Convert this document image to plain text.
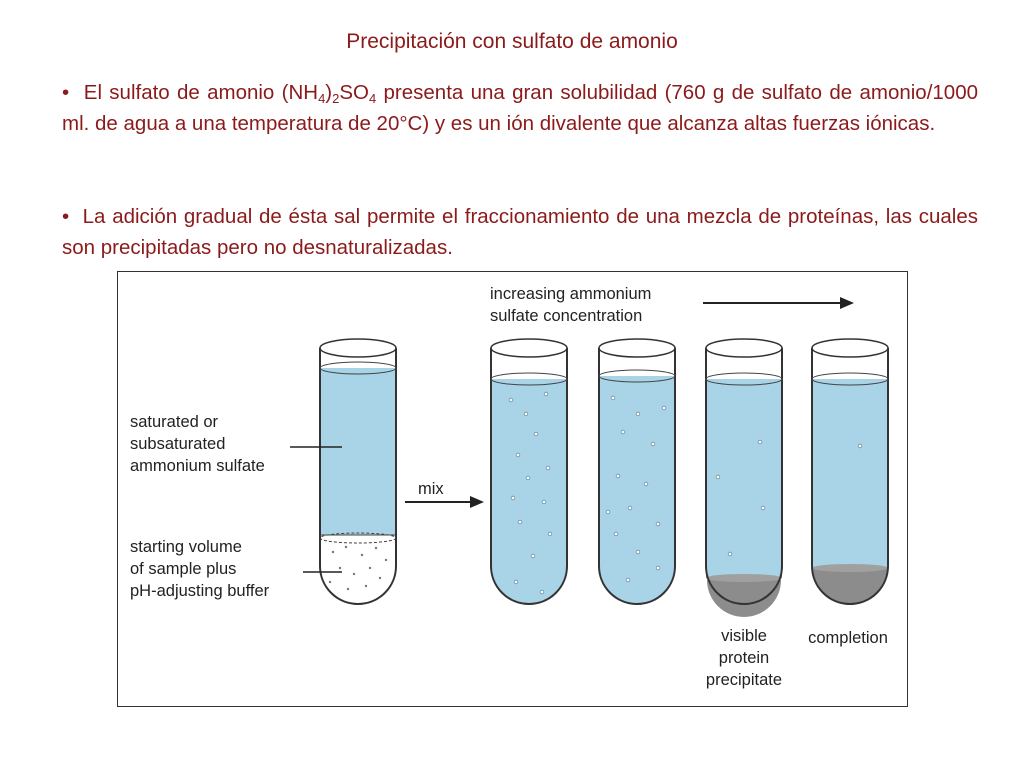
Precipitación con sulfato de amonio
• El sulfato de amonio $(NH_4)_2SO_4$ presenta una gran solubilidad (760 g de sulfato de amonio/1000 ml. de agua a una temperatura de 20°C) y es un ión divalente que alcanza altas fuerzas iónicas.
• La adición gradual de ésta sal permite el fraccionamiento de una mezcla de proteínas, las cuales son precipitadas pero no desnaturalizadas.
increasing ammonium
sulfate concentration
saturated or
subsaturated
ammonium sulfate
starting volume
of sample plus
pH-adjusting buffer
mix
visible
protein
precipitate
completion
